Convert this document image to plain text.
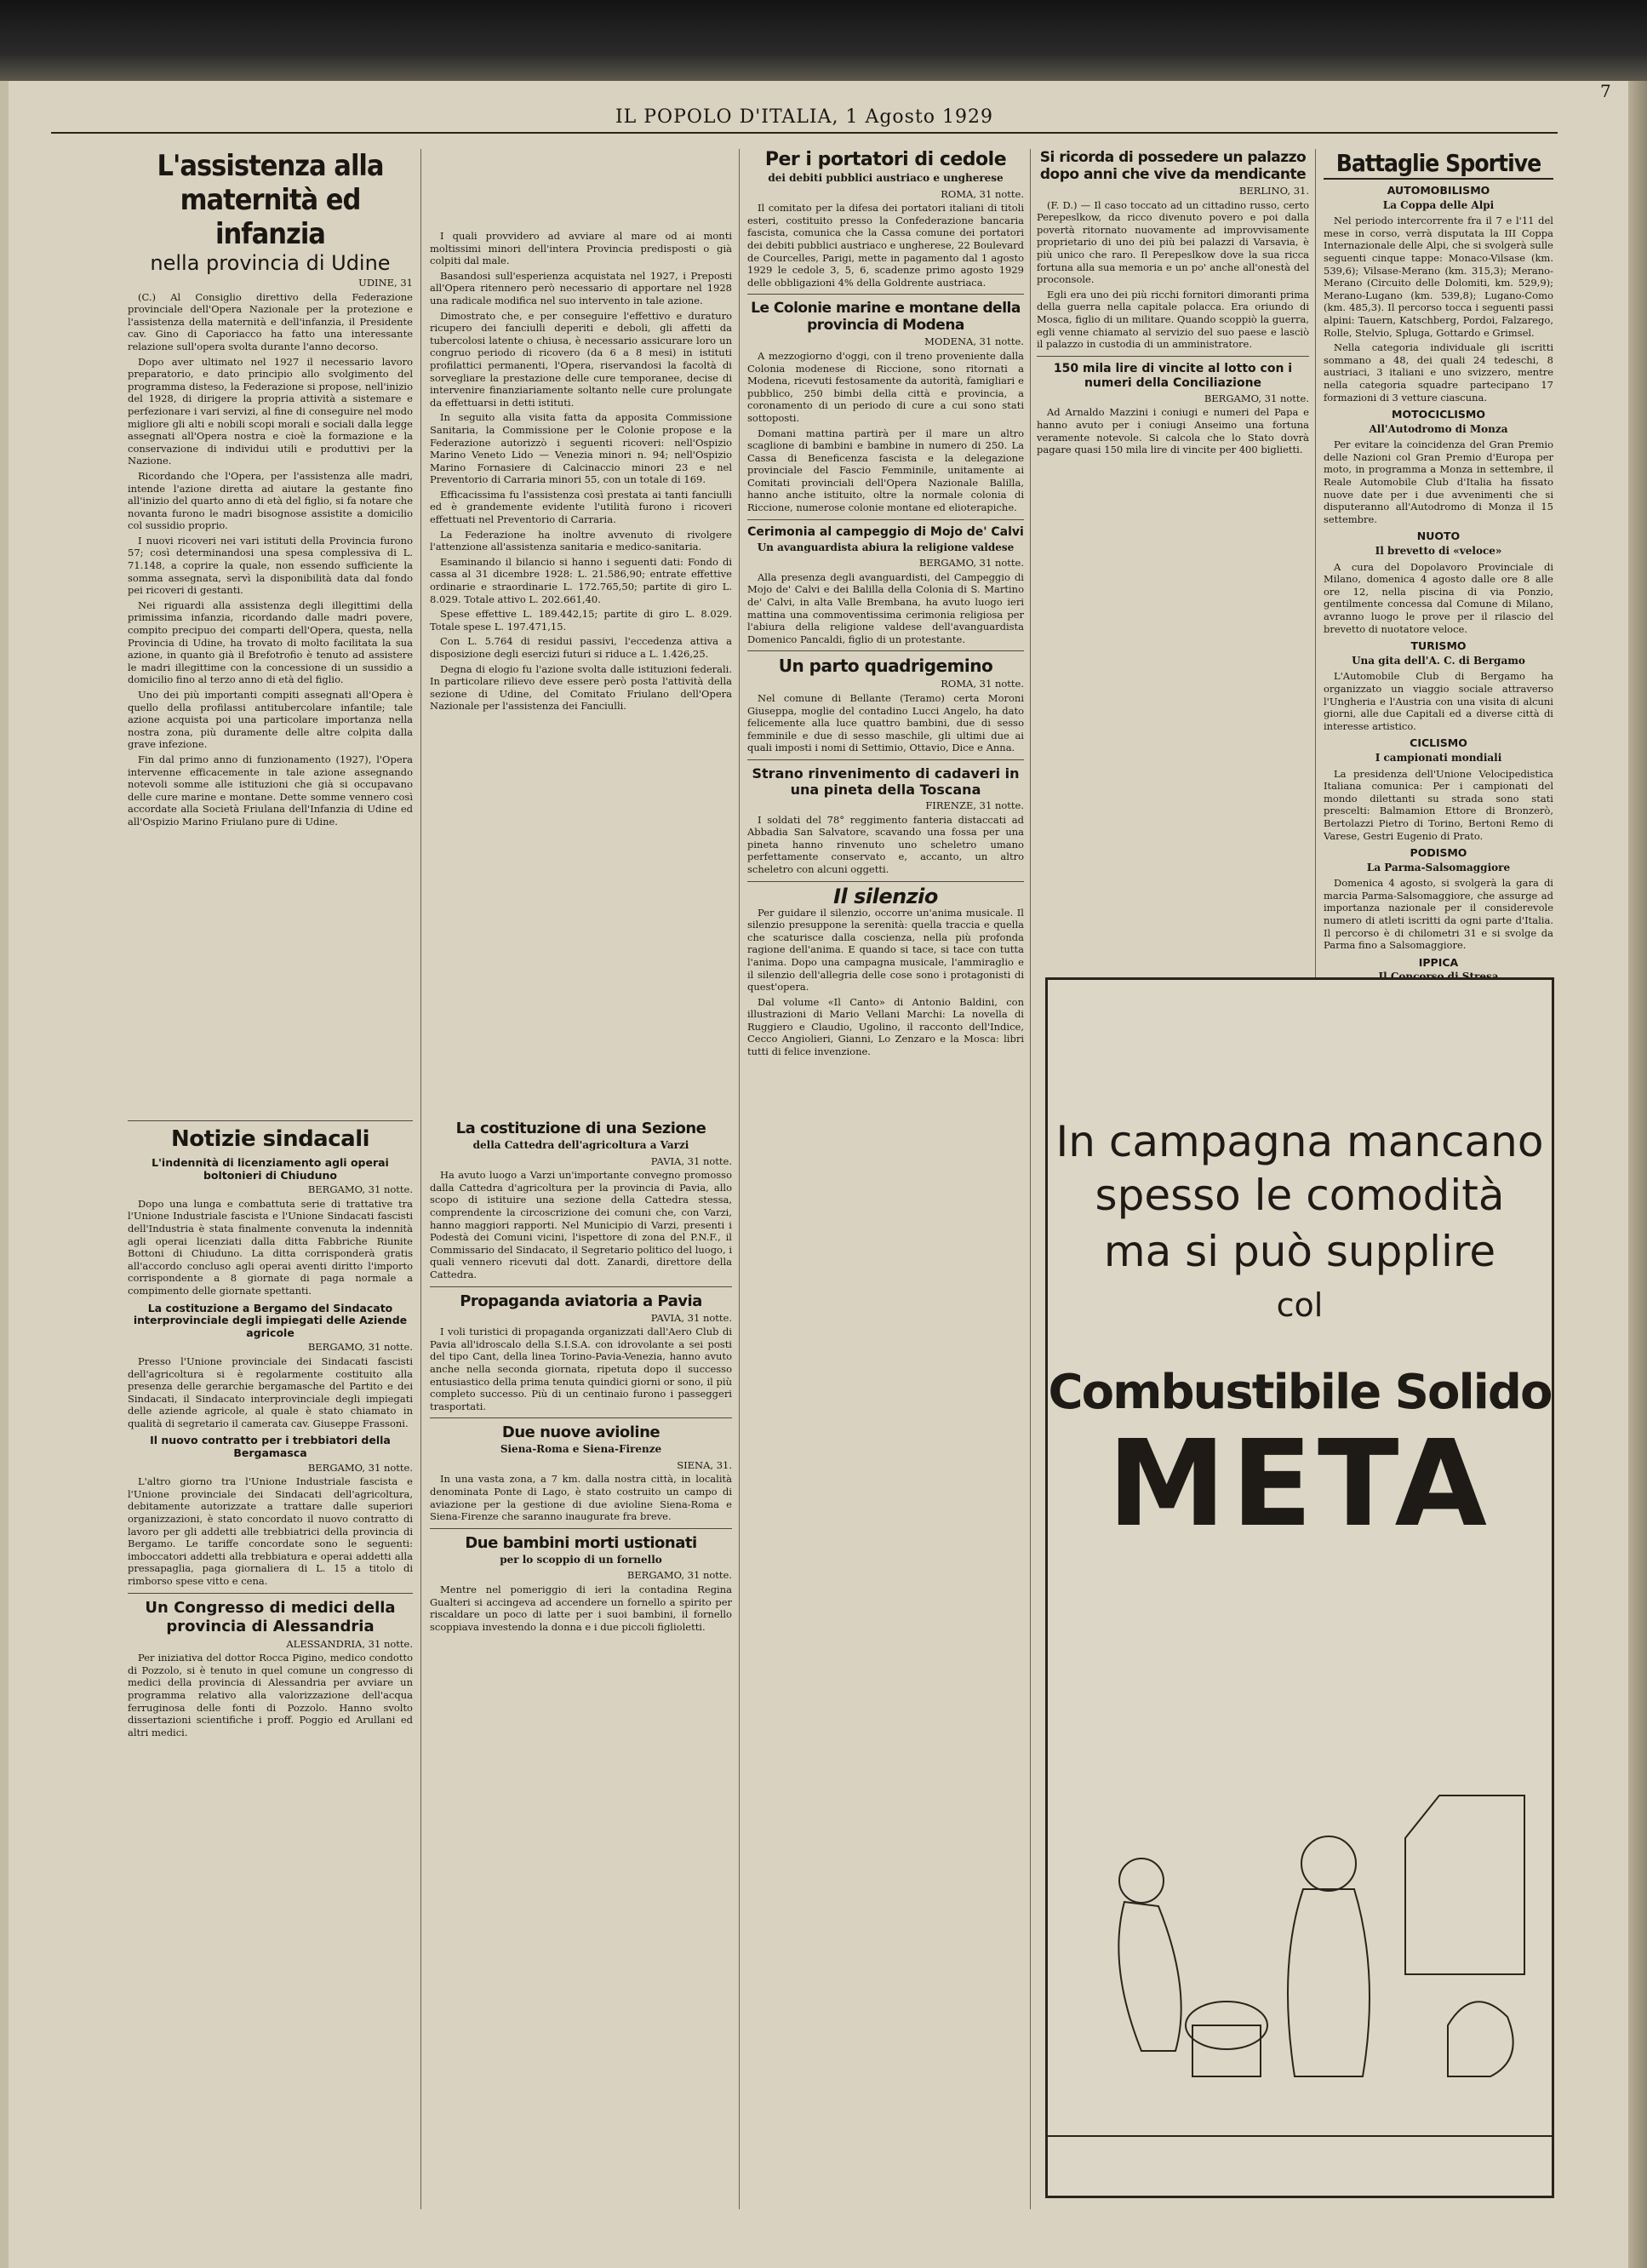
IL POPOLO D'ITALIA, 1 Agosto 1929
7
L'assistenza alla maternità ed infanzia
nella provincia di Udine
UDINE, 31

(C.) Al Consiglio direttivo della Federazione provinciale dell'Opera Nazionale per la protezione e l'assistenza della maternità e dell'infanzia, il Presidente cav. Gino di Caporiacco ha fatto una interessante relazione sull'opera svolta durante l'anno decorso.

Dopo aver ultimato nel 1927 il necessario lavoro preparatorio, e dato principio allo svolgimento del programma disteso, la Federazione si propose, nell'inizio del 1928, di dirigere la propria attività a sistemare e perfezionare i vari servizi, al fine di conseguire nel modo migliore gli alti e nobili scopi morali e sociali dalla legge assegnati all'Opera nostra e cioè la formazione e la conservazione di individui utili e produttivi per la Nazione.

Ricordando che l'Opera, per l'assistenza alle madri, intende l'azione diretta ad aiutare la gestante fino all'inizio del quarto anno di età del figlio, si fa notare che novanta furono le madri bisognose assistite a domicilio col sussidio proprio.

I nuovi ricoveri nei vari istituti della Provincia furono 57; così determinandosi una spesa complessiva di L. 71.148, a coprire la quale, non essendo sufficiente la somma assegnata, servì la disponibilità data dal fondo pei ricoveri di gestanti.

Nei riguardi alla assistenza degli illegittimi della primissima infanzia, ricordando dalle madri povere, compito precipuo dei comparti dell'Opera, questa, nella Provincia di Udine, ha trovato di molto facilitata la sua azione, in quanto già il Brefotrofio è tenuto ad assistere le madri illegittime con la concessione di un sussidio a domicilio fino al terzo anno di età del figlio.

Uno dei più importanti compiti assegnati all'Opera è quello della profilassi antitubercolare infantile; tale azione acquista poi una particolare importanza nella nostra zona, più duramente delle altre colpita dalla grave infezione.

Fin dal primo anno di funzionamento (1927), l'Opera intervenne efficacemente in tale azione assegnando notevoli somme alle istituzioni che già si occupavano delle cure marine e montane. Dette somme vennero così accordate alla Società Friulana dell'Infanzia di Udine ed all'Ospizio Marino Friulano pure di Udine.

I quali provvidero ad avviare al mare od ai monti moltissimi minori dell'intera Provincia predisposti o già colpiti dal male.

Basandosi sull'esperienza acquistata nel 1927, i Preposti all'Opera ritennero però necessario di apportare nel 1928 una radicale modifica nel suo intervento in tale azione.

Dimostrato che, e per conseguire l'effettivo e duraturo ricupero dei fanciulli deperiti e deboli, gli affetti da tubercolosi latente o chiusa, è necessario assicurare loro un congruo periodo di ricovero (da 6 a 8 mesi) in istituti profilattici permanenti, l'Opera, riservandosi la facoltà di sorvegliare la prestazione delle cure temporanee, decise di intervenire finanziariamente soltanto nelle cure prolungate da effettuarsi in detti istituti.

In seguito alla visita fatta da apposita Commissione Sanitaria, la Commissione per le Colonie propose e la Federazione autorizzò i seguenti ricoveri: nell'Ospizio Marino Veneto Lido — Venezia minori n. 94; nell'Ospizio Marino Fornasiere di Calcinaccio minori 23 e nel Preventorio di Carraria minori 55, con un totale di 169.

Efficacissima fu l'assistenza così prestata ai tanti fanciulli ed è grandemente evidente l'utilità furono i ricoveri effettuati nel Preventorio di Carraria.

La Federazione ha inoltre avvenuto di rivolgere l'attenzione all'assistenza sanitaria e medico-sanitaria.

Esaminando il bilancio si hanno i seguenti dati: Fondo di cassa al 31 dicembre 1928: L. 21.586,90; entrate effettive ordinarie e straordinarie L. 172.765,50; partite di giro L. 8.029. Totale attivo L. 202.661,40.

Spese effettive L. 189.442,15; partite di giro L. 8.029. Totale spese L. 197.471,15.

Con L. 5.764 di residui passivi, l'eccedenza attiva a disposizione degli esercizi futuri si riduce a L. 1.426,25.

Degna di elogio fu l'azione svolta dalle istituzioni federali. In particolare rilievo deve essere però posta l'attività della sezione di Udine, del Comitato Friulano dell'Opera Nazionale per l'assistenza dei Fanciulli.

Notizie sindacali
L'indennità di licenziamento agli operai boltonieri di Chiuduno
BERGAMO, 31 notte.

Dopo una lunga e combattuta serie di trattative tra l'Unione Industriale fascista e l'Unione Sindacati fascisti dell'Industria è stata finalmente convenuta la indennità agli operai licenziati dalla ditta Fabbriche Riunite Bottoni di Chiuduno. La ditta corrisponderà gratis all'accordo concluso agli operai aventi diritto l'importo corrispondente a 8 giornate di paga normale a compimento delle giornate spettanti.

La costituzione a Bergamo del Sindacato interprovinciale degli impiegati delle Aziende agricole
BERGAMO, 31 notte.

Presso l'Unione provinciale dei Sindacati fascisti dell'agricoltura si è regolarmente costituito alla presenza delle gerarchie bergamasche del Partito e dei Sindacati, il Sindacato interprovinciale degli impiegati delle aziende agricole, al quale è stato chiamato in qualità di segretario il camerata cav. Giuseppe Frassoni.

Il nuovo contratto per i trebbiatori della Bergamasca
BERGAMO, 31 notte.

L'altro giorno tra l'Unione Industriale fascista e l'Unione provinciale dei Sindacati dell'agricoltura, debitamente autorizzate a trattare dalle superiori organizzazioni, è stato concordato il nuovo contratto di lavoro per gli addetti alle trebbiatrici della provincia di Bergamo. Le tariffe concordate sono le seguenti: imboccatori addetti alla trebbiatura e operai addetti alla pressapaglia, paga giornaliera di L. 15 a titolo di rimborso spese vitto e cena.

Un Congresso di medici della provincia di Alessandria
ALESSANDRIA, 31 notte.

Per iniziativa del dottor Rocca Pigino, medico condotto di Pozzolo, si è tenuto in quel comune un congresso di medici della provincia di Alessandria per avviare un programma relativo alla valorizzazione dell'acqua ferruginosa delle fonti di Pozzolo. Hanno svolto dissertazioni scientifiche i proff. Poggio ed Arullani ed altri medici.

La costituzione di una Sezione
della Cattedra dell'agricoltura a Varzi
PAVIA, 31 notte.

Ha avuto luogo a Varzi un'importante convegno promosso dalla Cattedra d'agricoltura per la provincia di Pavia, allo scopo di istituire una sezione della Cattedra stessa, comprendente la circoscrizione dei comuni che, con Varzi, hanno maggiori rapporti. Nel Municipio di Varzi, presenti i Podestà dei Comuni vicini, l'ispettore di zona del P.N.F., il Commissario del Sindacato, il Segretario politico del luogo, i quali vennero ricevuti dal dott. Zanardi, direttore della Cattedra.

Propaganda aviatoria a Pavia
PAVIA, 31 notte.

I voli turistici di propaganda organizzati dall'Aero Club di Pavia all'idroscalo della S.I.S.A. con idrovolante a sei posti del tipo Cant, della linea Torino-Pavia-Venezia, hanno avuto anche nella seconda giornata, ripetuta dopo il successo entusiastico della prima tenuta quindici giorni or sono, il più completo successo. Più di un centinaio furono i passeggeri trasportati.

Due nuove avioline
Siena-Roma e Siena-Firenze
SIENA, 31.

In una vasta zona, a 7 km. dalla nostra città, in località denominata Ponte di Lago, è stato costruito un campo di aviazione per la gestione di due avioline Siena-Roma e Siena-Firenze che saranno inaugurate fra breve.

Due bambini morti ustionati
per lo scoppio di un fornello
BERGAMO, 31 notte.

Mentre nel pomeriggio di ieri la contadina Regina Gualteri si accingeva ad accendere un fornello a spirito per riscaldare un poco di latte per i suoi bambini, il fornello scoppiava investendo la donna e i due piccoli figlioletti.

Per i portatori di cedole
dei debiti pubblici austriaco e ungherese
ROMA, 31 notte.

Il comitato per la difesa dei portatori italiani di titoli esteri, costituito presso la Confederazione bancaria fascista, comunica che la Cassa comune dei portatori dei debiti pubblici austriaco e ungherese, 22 Boulevard de Courcelles, Parigi, mette in pagamento dal 1 agosto 1929 le cedole 3, 5, 6, scadenze primo agosto 1929 delle obbligazioni 4% della Goldrente austriaca.

Le Colonie marine e montane della provincia di Modena
MODENA, 31 notte.

A mezzogiorno d'oggi, con il treno proveniente dalla Colonia modenese di Riccione, sono ritornati a Modena, ricevuti festosamente da autorità, famigliari e pubblico, 250 bimbi della città e provincia, a coronamento di un periodo di cure a cui sono stati sottoposti.

Domani mattina partirà per il mare un altro scaglione di bambini e bambine in numero di 250. La Cassa di Beneficenza fascista e la delegazione provinciale del Fascio Femminile, unitamente ai Comitati provinciali dell'Opera Nazionale Balilla, hanno anche istituito, oltre la normale colonia di Riccione, numerose colonie montane ed elioterapiche.

Cerimonia al campeggio di Mojo de' Calvi
Un avanguardista abiura la religione valdese
BERGAMO, 31 notte.

Alla presenza degli avanguardisti, del Campeggio di Mojo de' Calvi e dei Balilla della Colonia di S. Martino de' Calvi, in alta Valle Brembana, ha avuto luogo ieri mattina una commoventissima cerimonia religiosa per l'abiura della religione valdese dell'avanguardista Domenico Pancaldi, figlio di un protestante.

Un parto quadrigemino
ROMA, 31 notte.

Nel comune di Bellante (Teramo) certa Moroni Giuseppa, moglie del contadino Lucci Angelo, ha dato felicemente alla luce quattro bambini, due di sesso femminile e due di sesso maschile, gli ultimi due ai quali imposti i nomi di Settimio, Ottavio, Dice e Anna.

Strano rinvenimento di cadaveri in una pineta della Toscana
FIRENZE, 31 notte.

I soldati del 78° reggimento fanteria distaccati ad Abbadia San Salvatore, scavando una fossa per una pineta hanno rinvenuto uno scheletro umano perfettamente conservato e, accanto, un altro scheletro con alcuni oggetti.

Il silenzio

Per guidare il silenzio, occorre un'anima musicale. Il silenzio presuppone la serenità: quella traccia e quella che scaturisce dalla coscienza, nella più profonda ragione dell'anima. E quando si tace, si tace con tutta l'anima. Dopo una campagna musicale, l'ammiraglio e il silenzio dell'allegria delle cose sono i protagonisti di quest'opera.

Dal volume «Il Canto» di Antonio Baldini, con illustrazioni di Mario Vellani Marchi: La novella di Ruggiero e Claudio, Ugolino, il racconto dell'Indice, Cecco Angiolieri, Gianni, Lo Zenzaro e la Mosca: libri tutti di felice invenzione.

Si ricorda di possedere un palazzo dopo anni che vive da mendicante
BERLINO, 31.

(F. D.) — Il caso toccato ad un cittadino russo, certo Perepeslkow, da ricco divenuto povero e poi dalla povertà ritornato nuovamente ad improvvisamente proprietario di uno dei più bei palazzi di Varsavia, è più unico che raro. Il Perepeslkow dove la sua ricca fortuna alla sua memoria e un po' anche all'onestà del proconsole.

Egli era uno dei più ricchi fornitori dimoranti prima della guerra nella capitale polacca. Era oriundo di Mosca, figlio di un militare. Quando scoppiò la guerra, egli venne chiamato al servizio del suo paese e lasciò il palazzo in custodia di un amministratore.

150 mila lire di vincite al lotto con i numeri della Conciliazione
BERGAMO, 31 notte.

Ad Arnaldo Mazzini i coniugi e numeri del Papa e hanno avuto per i coniugi Anseimo una fortuna veramente notevole. Si calcola che lo Stato dovrà pagare quasi 150 mila lire di vincite per 400 biglietti.

Battaglie Sportive
AUTOMOBILISMO
La Coppa delle Alpi

Nel periodo intercorrente fra il 7 e l'11 del mese in corso, verrà disputata la III Coppa Internazionale delle Alpi, che si svolgerà sulle seguenti cinque tappe: Monaco-Vilsase (km. 539,6); Vilsase-Merano (km. 315,3); Merano-Merano (Circuito delle Dolomiti, km. 529,9); Merano-Lugano (km. 539,8); Lugano-Como (km. 485,3). Il percorso tocca i seguenti passi alpini: Tauern, Katschberg, Pordoi, Falzarego, Rolle, Stelvio, Spluga, Gottardo e Grimsel.

Nella categoria individuale gli iscritti sommano a 48, dei quali 24 tedeschi, 8 austriaci, 3 italiani e uno svizzero, mentre nella categoria squadre partecipano 17 formazioni di 3 vetture ciascuna.

MOTOCICLISMO
All'Autodromo di Monza

Per evitare la coincidenza del Gran Premio delle Nazioni col Gran Premio d'Europa per moto, in programma a Monza in settembre, il Reale Automobile Club d'Italia ha fissato nuove date per i due avvenimenti che si disputeranno all'Autodromo di Monza il 15 settembre.

NUOTO
Il brevetto di «veloce»

A cura del Dopolavoro Provinciale di Milano, domenica 4 agosto dalle ore 8 alle ore 12, nella piscina di via Ponzio, gentilmente concessa dal Comune di Milano, avranno luogo le prove per il rilascio del brevetto di nuotatore veloce.

TURISMO
Una gita dell'A. C. di Bergamo

L'Automobile Club di Bergamo ha organizzato un viaggio sociale attraverso l'Ungheria e l'Austria con una visita di alcuni giorni, alle due Capitali ed a diverse città di interesse artistico.

CICLISMO
I campionati mondiali

La presidenza dell'Unione Velocipedistica Italiana comunica: Per i campionati del mondo dilettanti su strada sono stati prescelti: Balmamion Ettore di Bronzerò, Bertolazzi Pietro di Torino, Bertoni Remo di Varese, Gestri Eugenio di Prato.

PODISMO
La Parma-Salsomaggiore

Domenica 4 agosto, si svolgerà la gara di marcia Parma-Salsomaggiore, che assurge ad importanza nazionale per il considerevole numero di atleti iscritti da ogni parte d'Italia. Il percorso è di chilometri 31 e si svolge da Parma fino a Salsomaggiore.

IPPICA

In campagna mancano
spesso le comodità
ma si può supplire
col
Combustibile Solido
META
